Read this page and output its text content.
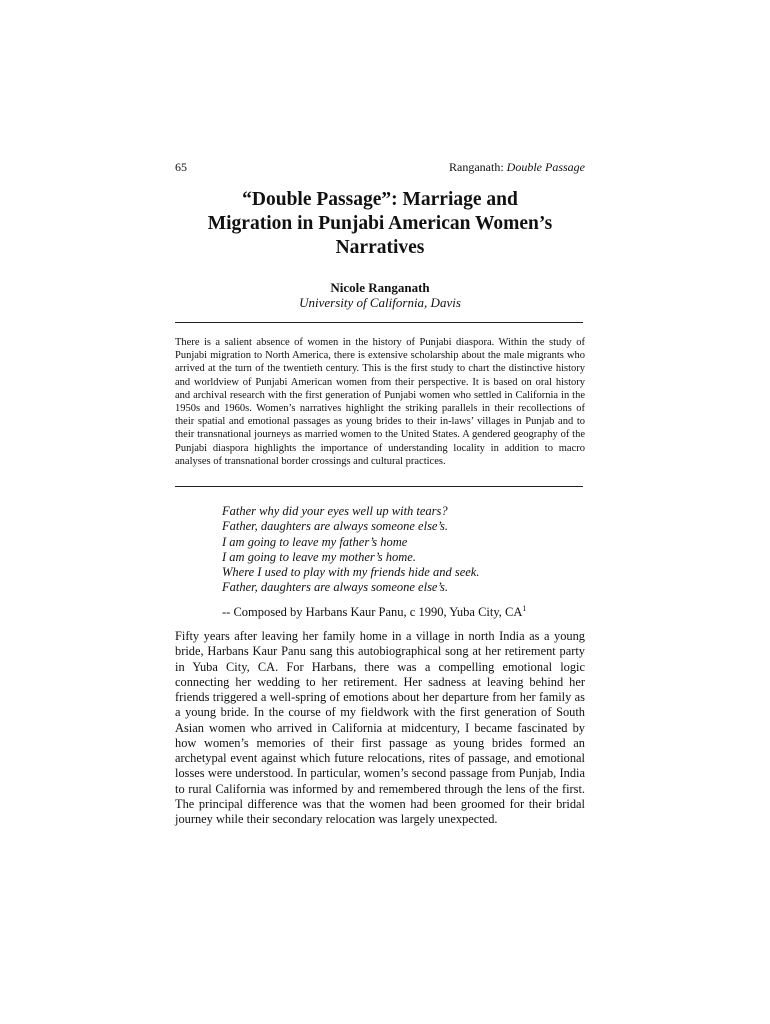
65	Ranganath: Double Passage
“Double Passage”: Marriage and
Migration in Punjabi American Women’s
Narratives
Nicole Ranganath
University of California, Davis

There is a salient absence of women in the history of Punjabi diaspora. Within the study of Punjabi migration to North America, there is extensive scholarship about the male migrants who arrived at the turn of the twentieth century. This is the first study to chart the distinctive history and worldview of Punjabi American women from their perspective. It is based on oral history and archival research with the first generation of Punjabi women who settled in California in the 1950s and 1960s. Women’s narratives highlight the striking parallels in their recollections of their spatial and emotional passages as young brides to their in-laws’ villages in Punjab and to their transnational journeys as married women to the United States. A gendered geography of the Punjabi diaspora highlights the importance of understanding locality in addition to macro analyses of transnational border crossings and cultural practices.

Father why did your eyes well up with tears?
Father, daughters are always someone else’s.
I am going to leave my father’s home
I am going to leave my mother’s home.
Where I used to play with my friends hide and seek.
Father, daughters are always someone else’s.
-- Composed by Harbans Kaur Panu, c 1990, Yuba City, $CA^1$

Fifty years after leaving her family home in a village in north India as a young bride, Harbans Kaur Panu sang this autobiographical song at her retirement party in Yuba City, CA. For Harbans, there was a compelling emotional logic connecting her wedding to her retirement. Her sadness at leaving behind her friends triggered a well-spring of emotions about her departure from her family as a young bride. In the course of my fieldwork with the first generation of South Asian women who arrived in California at midcentury, I became fascinated by how women’s memories of their first passage as young brides formed an archetypal event against which future relocations, rites of passage, and emotional losses were understood. In particular, women’s second passage from Punjab, India to rural California was informed by and remembered through the lens of the first. The principal difference was that the women had been groomed for their bridal journey while their secondary relocation was largely unexpected.
